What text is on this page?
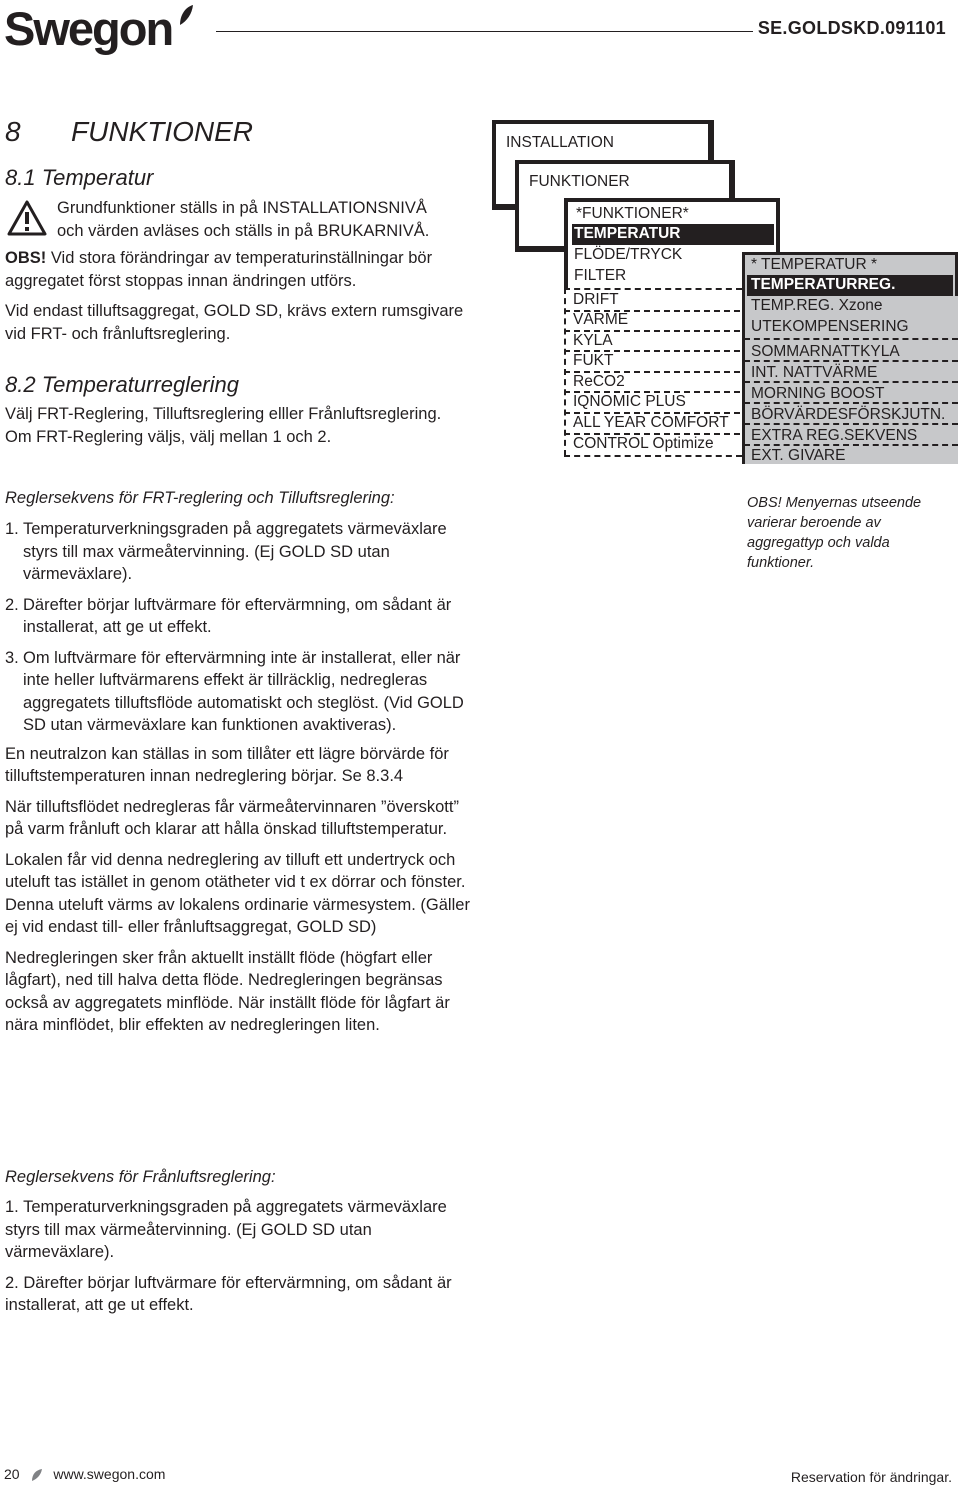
Swegon	SE.GOLDSKD.091101
8 FUNKTIONER
8.1 Temperatur

Grundfunktioner ställs in på INSTALLATIONSNIVÅ

och värden avläses och ställs in på BRUKARNIVÅ.

OBS! Vid stora förändringar av temperaturinställningar bör aggregatet först stoppas innan ändringen utförs.

Vid endast tilluftsaggregat, GOLD SD, krävs extern rumsgivare vid FRT- och frånluftsreglering.

8.2 Temperaturreglering

Välj FRT-Reglering, Tilluftsreglering elller Frånluftsreglering.

Om FRT-Reglering väljs, välj mellan 1 och 2.

INSTALLATION
FUNKTIONER
*FUNKTIONER*
TEMPERATUR
FLÖDE/TRYCK
FILTER
DRIFT
VÄRME
KYLA
FUKT
ReCO2
IQNOMIC PLUS
ALL YEAR COMFORT
CONTROL Optimize
* TEMPERATUR *
TEMPERATURREG.
TEMP.REG. Xzone
UTEKOMPENSERING
SOMMARNATTKYLA
INT. NATTVÄRME
MORNING BOOST
BÖRVÄRDESFÖRSKJUTN.
EXTRA REG.SEKVENS
EXT. GIVARE
OBS! Menyernas utseende varierar beroende av aggregattyp och valda funktioner.
Reglersekvens för FRT-reglering och Tilluftsreglering:
1. Temperaturverkningsgraden på aggregatets värmeväxlare styrs till max värmeåtervinning. (Ej GOLD SD utan värmeväxlare).
2. Därefter börjar luftvärmare för eftervärmning, om sådant är installerat, att ge ut effekt.
3. Om luftvärmare för eftervärmning inte är installerat, eller när inte heller luftvärmarens effekt är tillräcklig, nedregleras aggregatets tilluftsflöde automatiskt och steglöst. (Vid GOLD SD utan värmeväxlare kan funktionen avaktiveras).

En neutralzon kan ställas in som tillåter ett lägre börvärde för tilluftstemperaturen innan nedreglering börjar. Se 8.3.4

När tilluftsflödet nedregleras får värmeåtervinnaren ”överskott” på varm frånluft och klarar att hålla önskad tilluftstemperatur.

Lokalen får vid denna nedreglering av tilluft ett undertryck och uteluft tas istället in genom otätheter vid t ex dörrar och fönster. Denna uteluft värms av lokalens ordinarie värmesystem. (Gäller ej vid endast till- eller frånluftsaggregat, GOLD SD)

Nedregleringen sker från aktuellt inställt flöde (högfart eller lågfart), ned till halva detta flöde. Nedregleringen begränsas också av aggregatets minflöde. När inställt flöde för lågfart är nära minflödet, blir effekten av nedregleringen liten.

Reglersekvens för Frånluftsreglering:
1. Temperaturverkningsgraden på aggregatets värmeväxlare styrs till max värmeåtervinning. (Ej GOLD SD utan värmeväxlare).
2. Därefter börjar luftvärmare för eftervärmning, om sådant är installerat, att ge ut effekt.
20 www.swegon.com	Reservation för ändringar.
